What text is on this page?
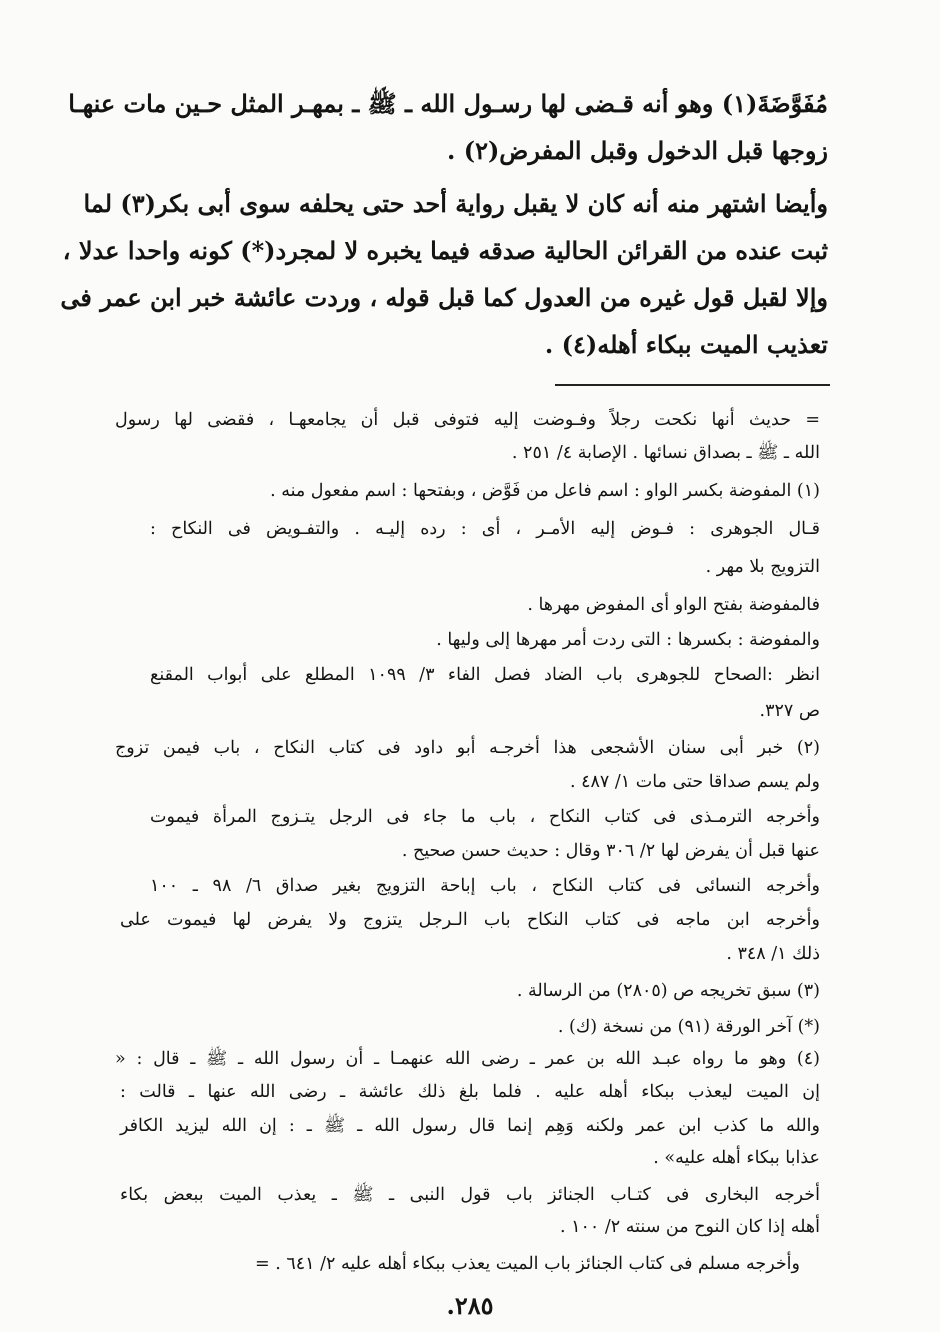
مُفَوَّضَةَ(١) وهو أنه قـضى لها رسـول الله ـ ﷺ ـ بمهـر المثل حـين مات عنهـا
زوجها قبل الدخول وقبل المفرض(٢) .
وأيضا اشتهر منه أنه كان لا يقبل رواية أحد حتى يحلفه سوى أبى بكر(٣) لما
ثبت عنده من القرائن الحالية صدقه فيما يخبره لا لمجرد(*) كونه واحدا عدلا ،
وإلا لقبل قول غيره من العدول كما قبل قوله ، وردت عائشة خبر ابن عمر فى
تعذيب الميت ببكاء أهله(٤) .
= حديث أنها نكحت رجلاً وفـوضت إليه فتوفى قبل أن يجامعهـا ، فقضى لها رسول
الله ـ ﷺ ـ بصداق نسائها . الإصابة ٤/ ٢٥١ .
(١) المفوضة بكسر الواو : اسم فاعل من فَوَّض ، وبفتحها : اسم مفعول منه .
قـال الجوهرى : فـوض إليه الأمـر ، أى : رده إليـه . والتفـويض فى النكاح :
التزويج بلا مهر .
فالمفوضة بفتح الواو أى المفوض مهرها .
والمفوضة : بكسرها : التى ردت أمر مهرها إلى وليها .
انظر :الصحاح للجوهرى باب الضاد فصل الفاء ٣/ ١٠٩٩ المطلع على أبواب المقنع
ص ٣٢٧.
(٢) خبر أبى سنان الأشجعى هذا أخرجـه أبو داود فى كتاب النكاح ، باب فيمن تزوج
ولم يسم صداقا حتى مات ١/ ٤٨٧ .
وأخرجه الترمـذى فى كتاب النكاح ، باب ما جاء فى الرجل يتـزوج المرأة فيموت
عنها قبل أن يفرض لها ٢/ ٣٠٦ وقال : حديث حسن صحيح .
وأخرجه النسائى فى كتاب النكاح ، باب إباحة التزويج بغير صداق ٦/ ٩٨ ـ ١٠٠
وأخرجه ابن ماجه فى كتاب النكاح باب الـرجل يتزوج ولا يفرض لها فيموت على
ذلك ١/ ٣٤٨ .
(٣) سبق تخريجه ص (٢٨٠٥) من الرسالة .
(*) آخر الورقة (٩١) من نسخة (ك) .
(٤) وهو ما رواه عبـد الله بن عمر ـ رضى الله عنهمـا ـ أن رسول الله ـ ﷺ ـ قال : «
إن الميت ليعذب ببكاء أهله عليه . فلما بلغ ذلك عائشة ـ رضى الله عنها ـ قالت :
والله ما كذب ابن عمر ولكنه وَهِم إنما قال رسول الله ـ ﷺ ـ : إن الله ليزيد الكافر
عذابا ببكاء أهله عليه» .
أخرجه البخارى فى كتـاب الجنائز باب قول النبى ـ ﷺ ـ يعذب الميت ببعض بكاء
أهله إذا كان النوح من سنته ٢/ ١٠٠ .
وأخرجه مسلم فى كتاب الجنائز باب الميت يعذب ببكاء أهله عليه ٢/ ٦٤١ . =
٢٨٥.
